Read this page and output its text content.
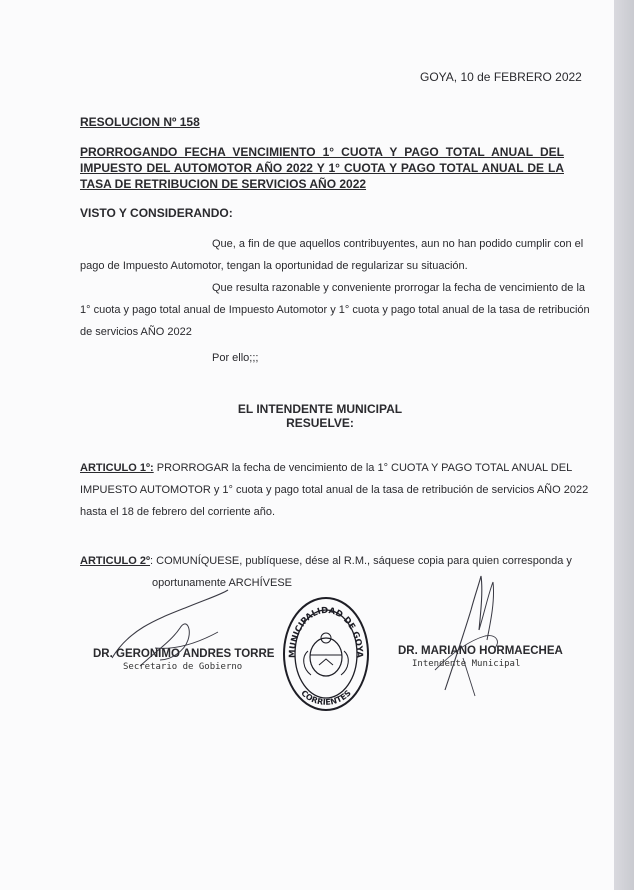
GOYA, 10 de FEBRERO 2022
RESOLUCION Nº 158
PRORROGANDO FECHA VENCIMIENTO 1° CUOTA Y PAGO TOTAL ANUAL DEL IMPUESTO DEL AUTOMOTOR AÑO 2022 Y 1° CUOTA Y PAGO TOTAL ANUAL DE LA TASA DE RETRIBUCION DE SERVICIOS AÑO 2022
VISTO Y CONSIDERANDO:
Que, a fin de que aquellos contribuyentes, aun no han podido cumplir con el
pago de Impuesto Automotor, tengan la oportunidad de regularizar su situación.
Que resulta razonable y conveniente prorrogar la fecha de vencimiento de la
1° cuota y pago total anual de Impuesto Automotor y 1° cuota y pago total anual de la tasa de retribución
de servicios AÑO 2022
Por ello;;;
EL INTENDENTE MUNICIPAL
RESUELVE:
ARTICULO 1º: PRORROGAR la fecha de vencimiento de la 1° CUOTA Y PAGO TOTAL ANUAL DEL
IMPUESTO AUTOMOTOR y 1° cuota y pago total anual de la tasa de retribución de servicios AÑO 2022
hasta el 18 de febrero del corriente año.
ARTICULO 2º: COMUNÍQUESE, publíquese, dése al R.M., sáquese copia para quien corresponda y
oportunamente ARCHÍVESE
DR. GERONIMO ANDRES TORRE
Secretario de Gobierno
MUNICIPALIDAD DE GOYA
CORRIENTES
DR. MARIANO HORMAECHEA
Intendente Municipal
